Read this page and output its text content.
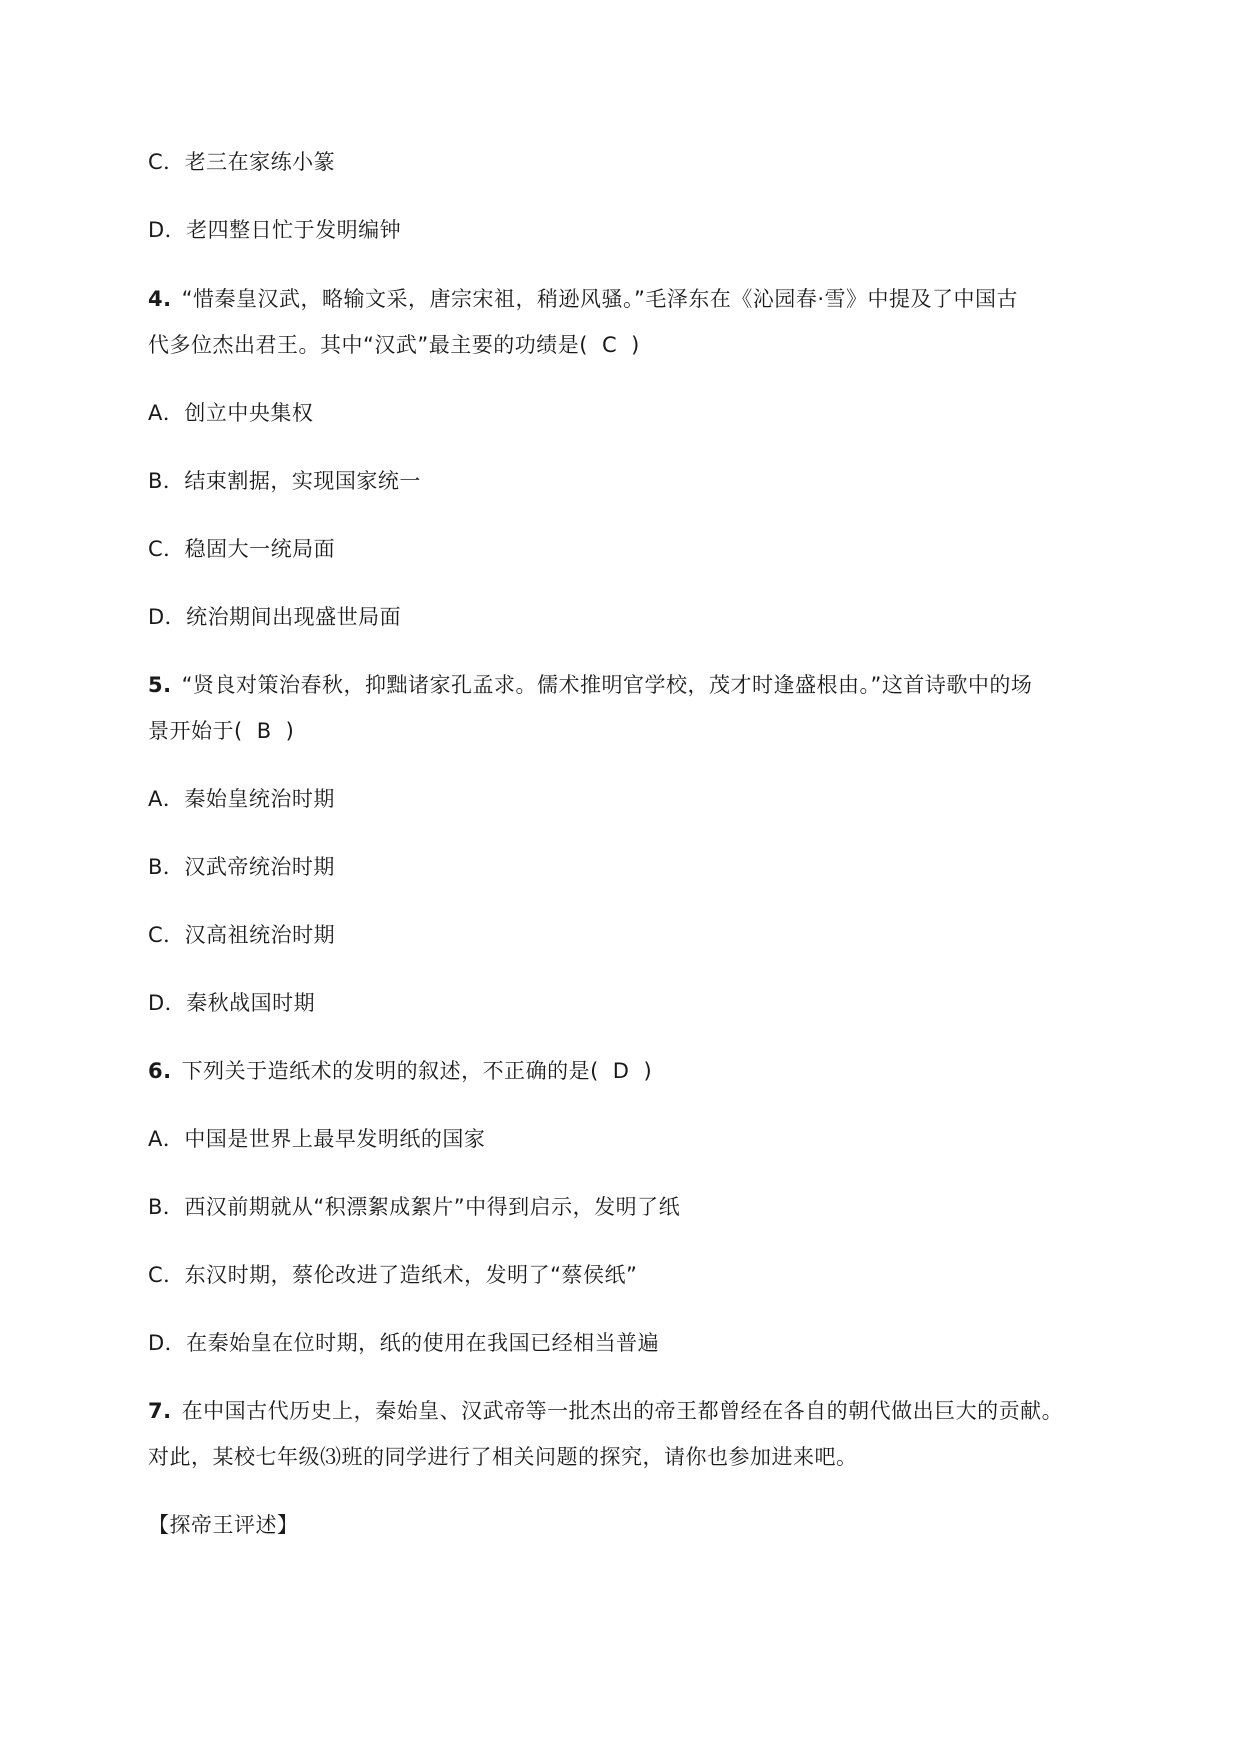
C．老三在家练小篆
D．老四整日忙于发明编钟
4. “惜秦皇汉武，略输文采，唐宗宋祖，稍逊风骚。”毛泽东在《沁园春·雪》中提及了中国古
代多位杰出君王。其中“汉武”最主要的功绩是( C )
A．创立中央集权
B．结束割据，实现国家统一
C．稳固大一统局面
D．统治期间出现盛世局面
5. “贤良对策治春秋，抑黜诸家孔孟求。儒术推明官学校，茂才时逢盛根由。”这首诗歌中的场
景开始于( B )
A．秦始皇统治时期
B．汉武帝统治时期
C．汉高祖统治时期
D．秦秋战国时期
6. 下列关于造纸术的发明的叙述，不正确的是( D )
A．中国是世界上最早发明纸的国家
B．西汉前期就从“积漂絮成絮片”中得到启示，发明了纸
C．东汉时期，蔡伦改进了造纸术，发明了“蔡侯纸”
D．在秦始皇在位时期，纸的使用在我国已经相当普遍
7. 在中国古代历史上，秦始皇、汉武帝等一批杰出的帝王都曾经在各自的朝代做出巨大的贡献。
对此，某校七年级⑶班的同学进行了相关问题的探究，请你也参加进来吧。
【探帝王评述】
